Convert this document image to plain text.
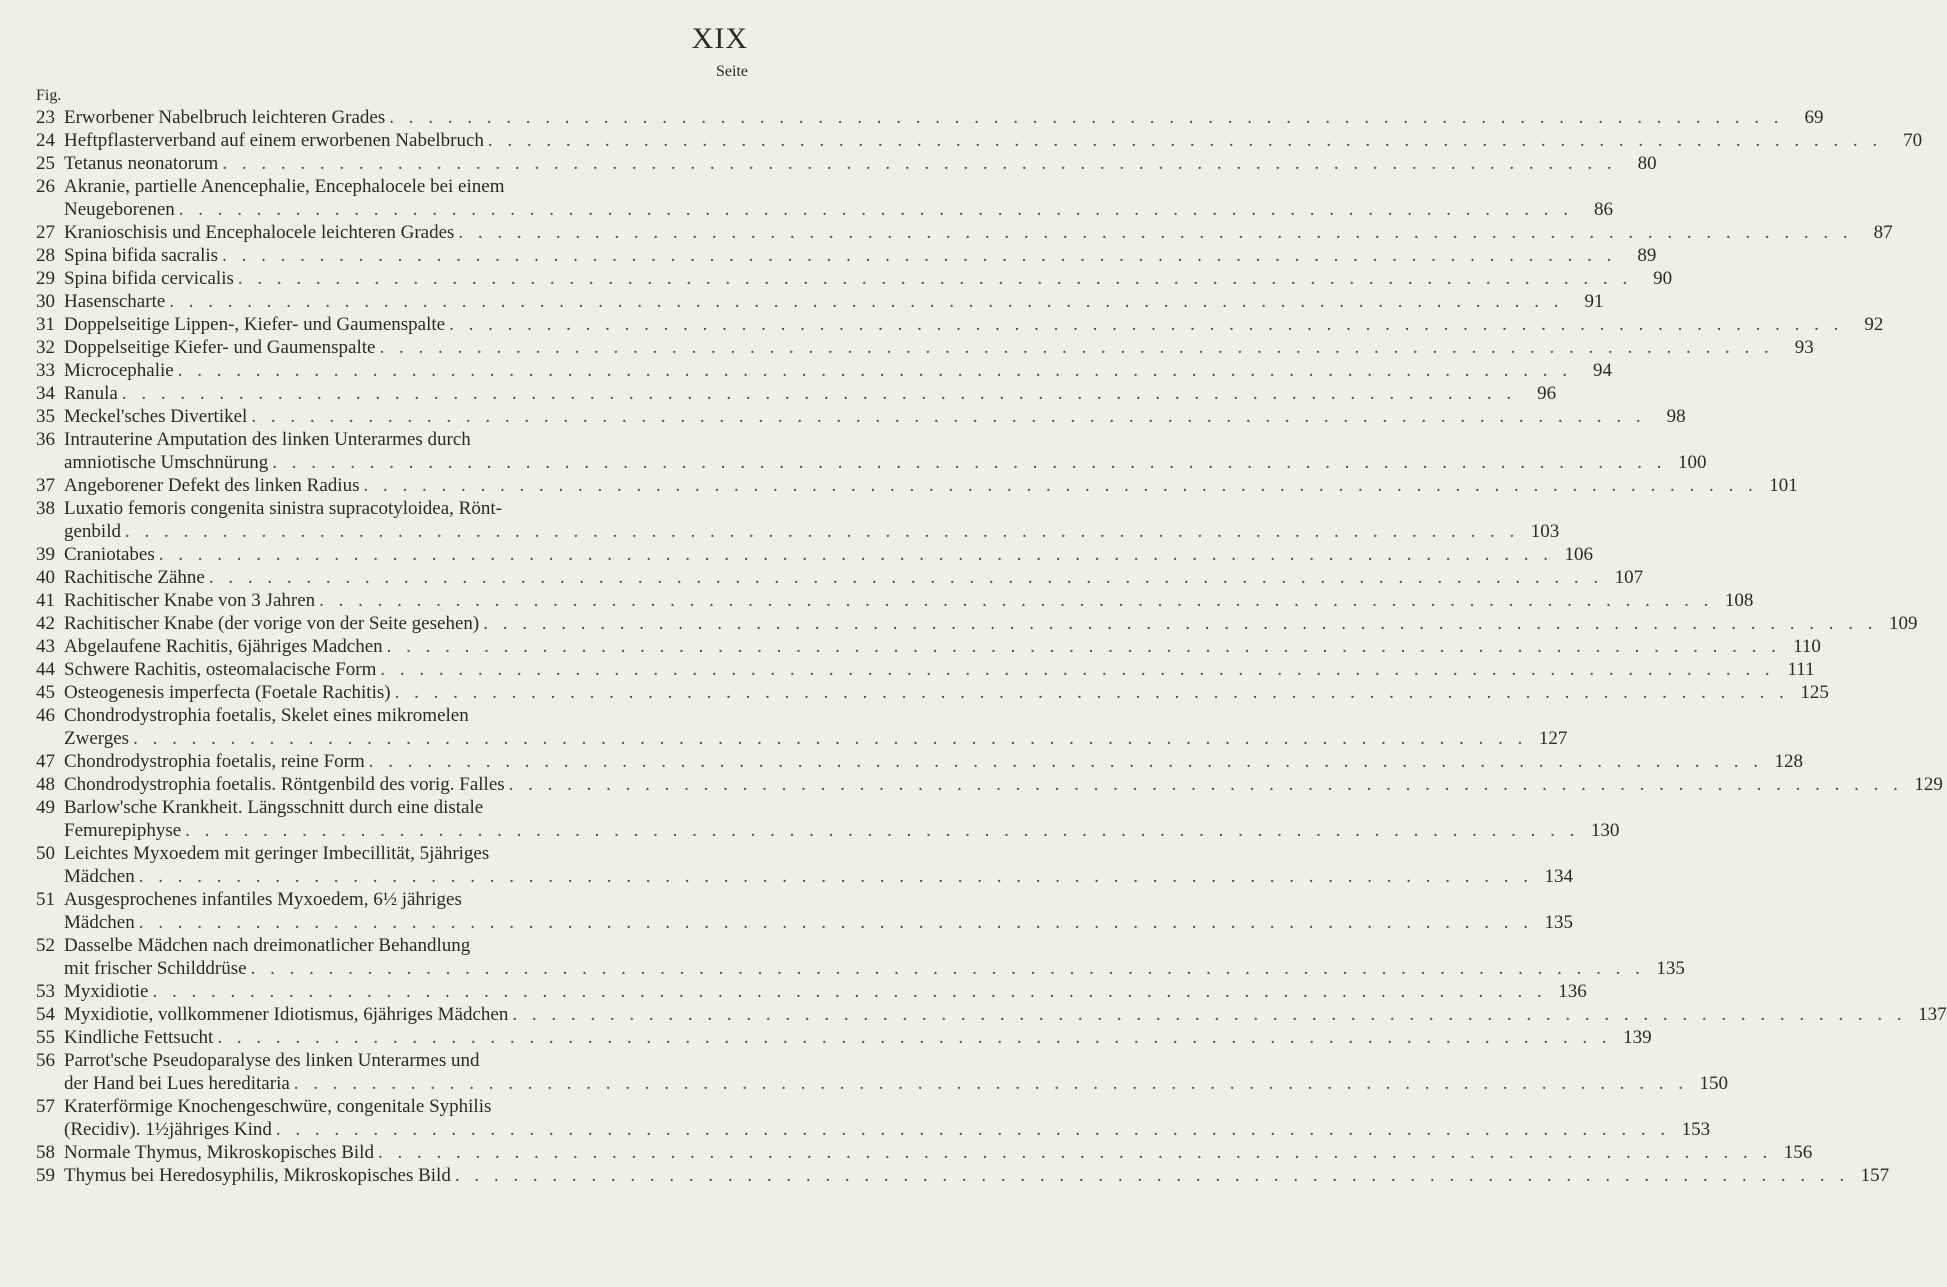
XIX
Seite
Fig.
23 Erworbener Nabelbruch leichteren Grades . . .	69
24 Heftpflasterverband auf einem erworbenen Nabelbruch . . .	70
25 Tetanus neonatorum . . .	80
26 Akranie, partielle Anencephalie, Encephalocele bei einem
Neugeborenen . . .	86
27 Kranioschisis und Encephalocele leichteren Grades . . .	87
28 Spina bifida sacralis . . .	89
29 Spina bifida cervicalis . . .	90
30 Hasenscharte . . .	91
31 Doppelseitige Lippen-, Kiefer- und Gaumenspalte . . .	92
32 Doppelseitige Kiefer- und Gaumenspalte . . .	93
33 Microcephalie . . .	94
34 Ranula . . .	96
35 Meckel'sches Divertikel . . .	98
36 Intrauterine Amputation des linken Unterarmes durch
amniotische Umschnürung . . .	100
37 Angeborener Defekt des linken Radius . . .	101
38 Luxatio femoris congenita sinistra supracotyloidea, Rönt-
genbild . . .	103
39 Craniotabes . . .	106
40 Rachitische Zähne . . .	107
41 Rachitischer Knabe von 3 Jahren . . .	108
42 Rachitischer Knabe (der vorige von der Seite gesehen) . . .	109
43 Abgelaufene Rachitis, 6jähriges Madchen . . .	110
44 Schwere Rachitis, osteomalacische Form . . .	111
45 Osteogenesis imperfecta (Foetale Rachitis) . . .	125
46 Chondrodystrophia foetalis, Skelet eines mikromelen
Zwerges . . .	127
47 Chondrodystrophia foetalis, reine Form . . .	128
48 Chondrodystrophia foetalis. Röntgenbild des vorig. Falles . . .	129
49 Barlow'sche Krankheit. Längsschnitt durch eine distale
Femurepiphyse . . .	130
50 Leichtes Myxoedem mit geringer Imbecillität, 5jähriges
Mädchen . . .	134
51 Ausgesprochenes infantiles Myxoedem, 6½ jähriges
Mädchen . . .	135
52 Dasselbe Mädchen nach dreimonatlicher Behandlung
mit frischer Schilddrüse . . .	135
53 Myxidiotie . . .	136
54 Myxidiotie, vollkommener Idiotismus, 6jähriges Mädchen . . .	137
55 Kindliche Fettsucht . . .	139
56 Parrot'sche Pseudoparalyse des linken Unterarmes und
der Hand bei Lues hereditaria . . .	150
57 Kraterförmige Knochengeschwüre, congenitale Syphilis
(Recidiv). 1½jähriges Kind . . .	153
58 Normale Thymus, Mikroskopisches Bild . . .	156
59 Thymus bei Heredosyphilis, Mikroskopisches Bild . . .	157
